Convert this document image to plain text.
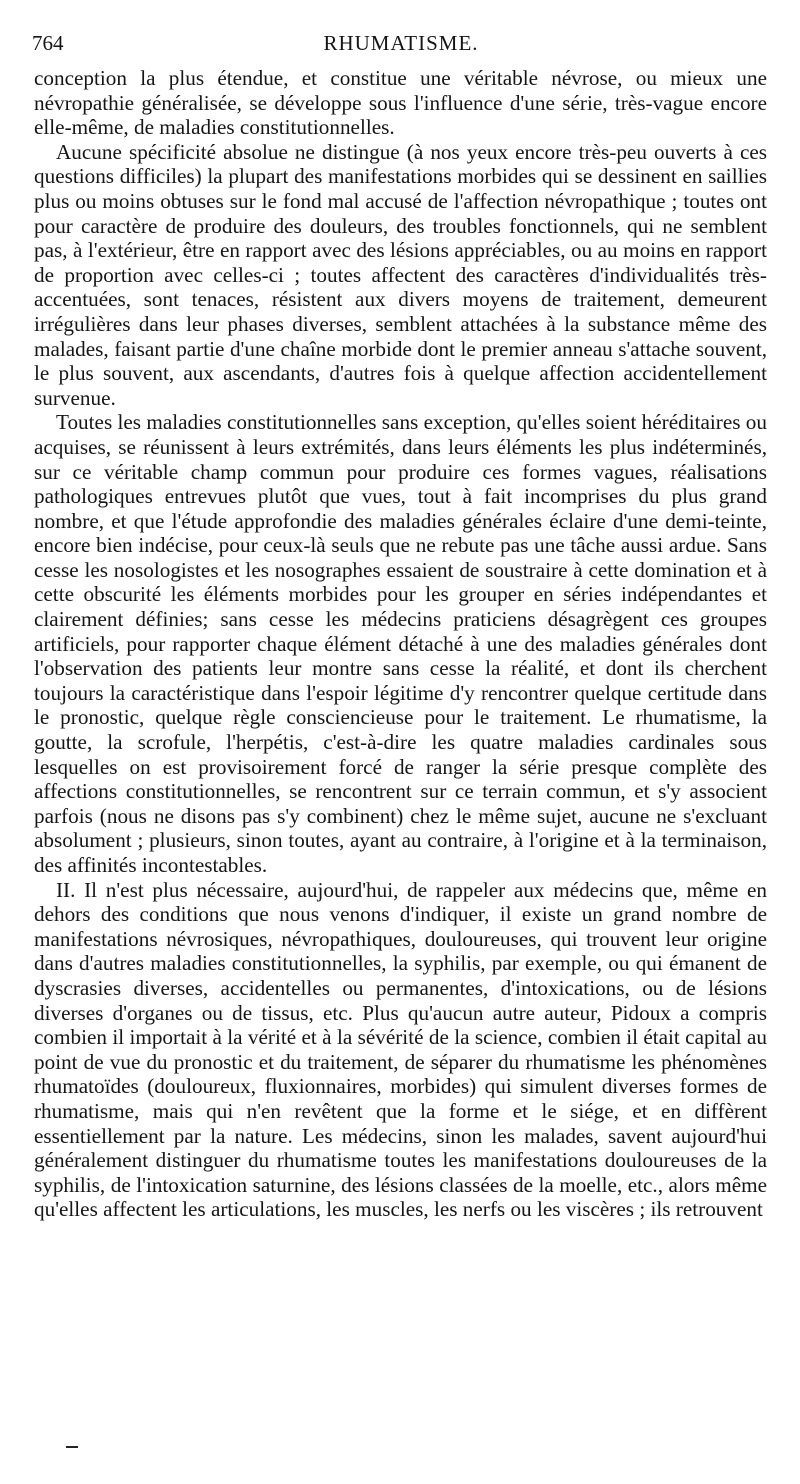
764	RHUMATISME.

conception la plus étendue, et constitue une véritable névrose, ou mieux une névropathie généralisée, se développe sous l'influence d'une série, très-vague encore elle-même, de maladies constitutionnelles.

Aucune spécificité absolue ne distingue (à nos yeux encore très-peu ouverts à ces questions difficiles) la plupart des manifestations morbides qui se dessinent en saillies plus ou moins obtuses sur le fond mal accusé de l'affection névropathique ; toutes ont pour caractère de produire des douleurs, des troubles fonctionnels, qui ne semblent pas, à l'extérieur, être en rapport avec des lésions appréciables, ou au moins en rapport de proportion avec celles-ci ; toutes affectent des caractères d'individualités très-accentuées, sont tenaces, résistent aux divers moyens de traitement, demeurent irrégulières dans leur phases diverses, semblent attachées à la substance même des malades, faisant partie d'une chaîne morbide dont le premier anneau s'attache souvent, le plus souvent, aux ascendants, d'autres fois à quelque affection accidentellement survenue.

Toutes les maladies constitutionnelles sans exception, qu'elles soient héréditaires ou acquises, se réunissent à leurs extrémités, dans leurs éléments les plus indéterminés, sur ce véritable champ commun pour produire ces formes vagues, réalisations pathologiques entrevues plutôt que vues, tout à fait incomprises du plus grand nombre, et que l'étude approfondie des maladies générales éclaire d'une demi-teinte, encore bien indécise, pour ceux-là seuls que ne rebute pas une tâche aussi ardue. Sans cesse les nosologistes et les nosographes essaient de soustraire à cette domination et à cette obscurité les éléments morbides pour les grouper en séries indépendantes et clairement définies; sans cesse les médecins praticiens désagrègent ces groupes artificiels, pour rapporter chaque élément détaché à une des maladies générales dont l'observation des patients leur montre sans cesse la réalité, et dont ils cherchent toujours la caractéristique dans l'espoir légitime d'y rencontrer quelque certitude dans le pronostic, quelque règle consciencieuse pour le traitement. Le rhumatisme, la goutte, la scrofule, l'herpétis, c'est-à-dire les quatre maladies cardinales sous lesquelles on est provisoirement forcé de ranger la série presque complète des affections constitutionnelles, se rencontrent sur ce terrain commun, et s'y associent parfois (nous ne disons pas s'y combinent) chez le même sujet, aucune ne s'excluant absolument ; plusieurs, sinon toutes, ayant au contraire, à l'origine et à la terminaison, des affinités incontestables.

II. Il n'est plus nécessaire, aujourd'hui, de rappeler aux médecins que, même en dehors des conditions que nous venons d'indiquer, il existe un grand nombre de manifestations névrosiques, névropathiques, douloureuses, qui trouvent leur origine dans d'autres maladies constitutionnelles, la syphilis, par exemple, ou qui émanent de dyscrasies diverses, accidentelles ou permanentes, d'intoxications, ou de lésions diverses d'organes ou de tissus, etc. Plus qu'aucun autre auteur, Pidoux a compris combien il importait à la vérité et à la sévérité de la science, combien il était capital au point de vue du pronostic et du traitement, de séparer du rhumatisme les phénomènes rhumatoïdes (douloureux, fluxionnaires, morbides) qui simulent diverses formes de rhumatisme, mais qui n'en revêtent que la forme et le siége, et en diffèrent essentiellement par la nature. Les médecins, sinon les malades, savent aujourd'hui généralement distinguer du rhumatisme toutes les manifestations douloureuses de la syphilis, de l'intoxication saturnine, des lésions classées de la moelle, etc., alors même qu'elles affectent les articulations, les muscles, les nerfs ou les viscères ; ils retrouvent
